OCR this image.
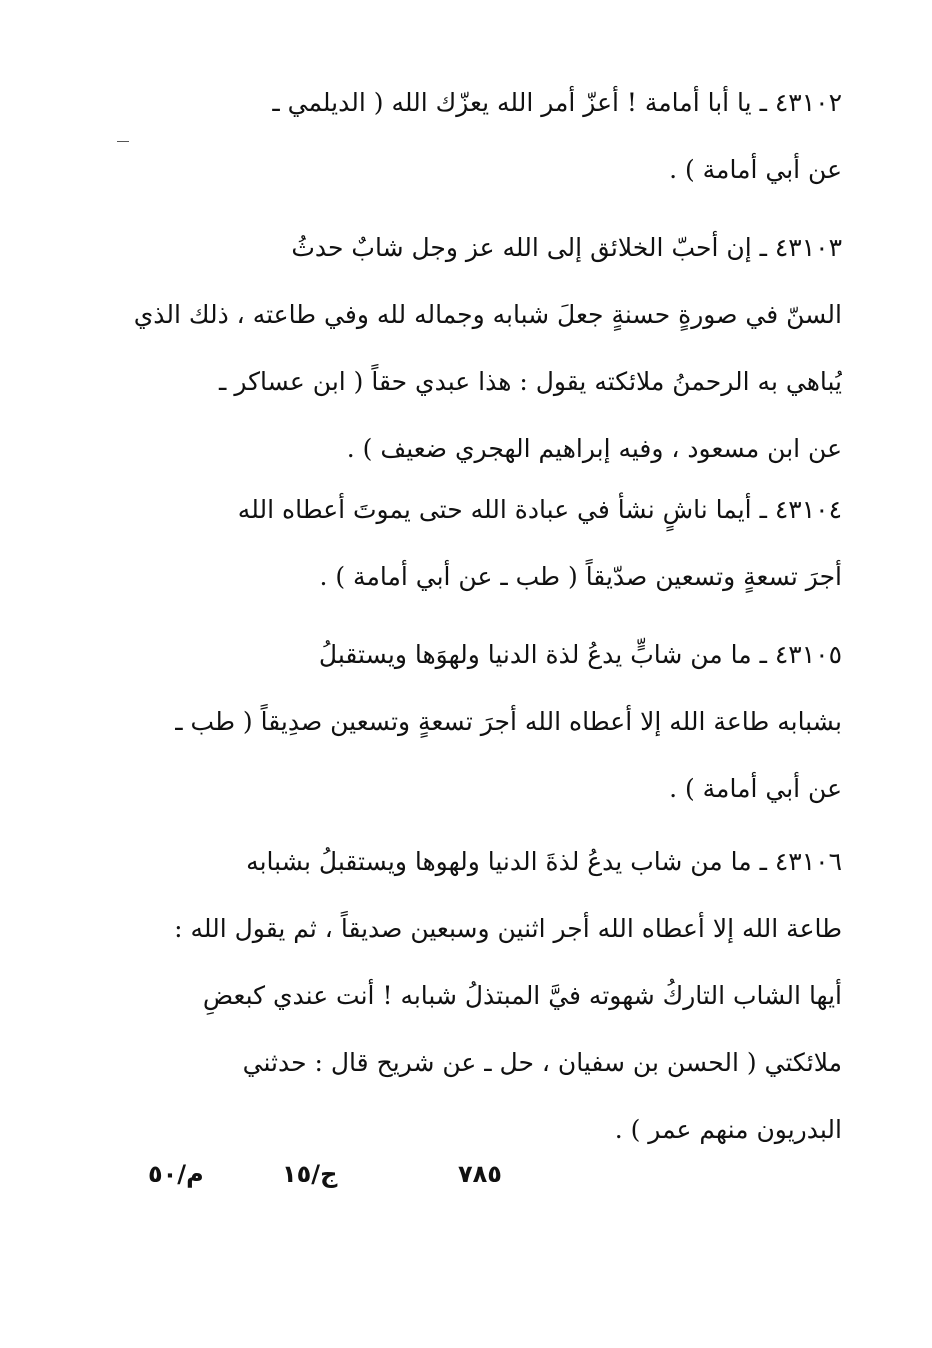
٤٣١٠٢ ـ يا أبا أمامة ! أعزّ أمر الله يعزّك الله ( الديلمي ـ
عن أبي أمامة ) .
٤٣١٠٣ ـ إن أحبّ الخلائق إلى الله عز وجل شابٌ حدثُ
السنّ في صورةٍ حسنةٍ جعلَ شبابه وجماله لله وفي طاعته ، ذلك الذي
يُباهي به الرحمنُ ملائكته يقول : هذا عبدي حقاً ( ابن عساكر ـ
عن ابن مسعود ، وفيه إبراهيم الهجري ضعيف ) .
٤٣١٠٤ ـ أيما ناشٍ نشأ في عبادة الله حتى يموتَ أعطاه الله
أجرَ تسعةٍ وتسعين صدّيقاً ( طب ـ عن أبي أمامة ) .
٤٣١٠٥ ـ ما من شابٍّ يدعُ لذة الدنيا ولهوَها ويستقبلُ
بشبابه طاعة الله إلا أعطاه الله أجرَ تسعةٍ وتسعين صدِيقاً ( طب ـ
عن أبي أمامة ) .
٤٣١٠٦ ـ ما من شاب يدعُ لذةَ الدنيا ولهوها ويستقبلُ بشبابه
طاعة الله إلا أعطاه الله أجر اثنين وسبعين صديقاً ، ثم يقول الله :
أيها الشاب التاركُ شهوته فيَّ المبتذلُ شبابه ! أنت عندي كبعضِ
ملائكتي ( الحسن بن سفيان ، حل ـ عن شريح قال : حدثني
البدريون منهم عمر ) .
٧٨٥
ج/١٥
م/٥٠
